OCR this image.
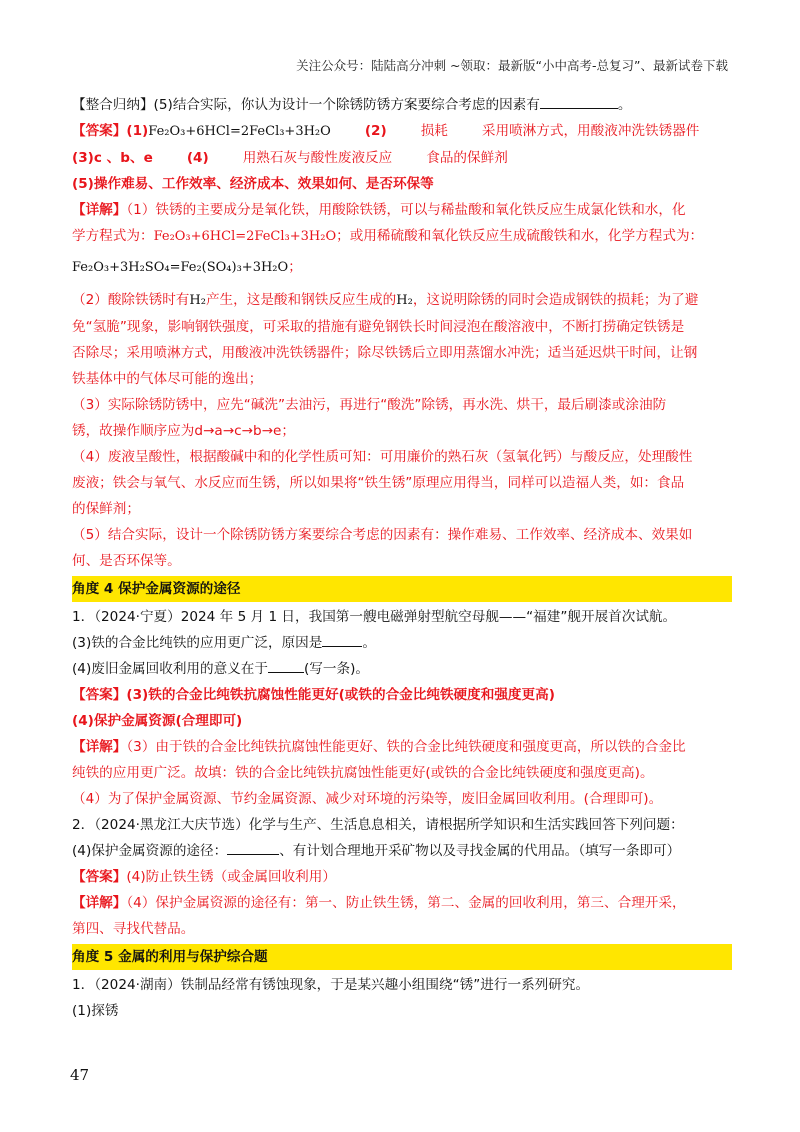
关注公众号：陆陆高分冲刺 ~领取：最新版“小中高考-总复习”、最新试卷下载
【整合归纳】(5)结合实际，你认为设计一个除锈防锈方案要综合考虑的因素有	。
【答案】(1)Fe₂O₃+6HCl=2FeCl₃+3H₂O	(2)	损耗	采用喷淋方式，用酸液冲洗铁锈器件
(3)c 、b、e	(4)	用熟石灰与酸性废液反应	食品的保鲜剂
(5)操作难易、工作效率、经济成本、效果如何、是否环保等
【详解】（1）铁锈的主要成分是氧化铁，用酸除铁锈，可以与稀盐酸和氧化铁反应生成氯化铁和水，化
学方程式为：Fe₂O₃+6HCl=2FeCl₃+3H₂O；或用稀硫酸和氧化铁反应生成硫酸铁和水，化学方程式为：
Fe₂O₃+3H₂SO₄=Fe₂(SO₄)₃+3H₂O；
（2）酸除铁锈时有H₂产生，这是酸和钢铁反应生成的H₂，这说明除锈的同时会造成钢铁的损耗；为了避
免“氢脆”现象，影响钢铁强度，可采取的措施有避免钢铁长时间浸泡在酸溶液中，不断打捞确定铁锈是
否除尽；采用喷淋方式，用酸液冲洗铁锈器件；除尽铁锈后立即用蒸馏水冲洗；适当延迟烘干时间，让钢
铁基体中的气体尽可能的逸出；
（3）实际除锈防锈中，应先“碱洗”去油污，再进行“酸洗”除锈，再水洗、烘干，最后刷漆或涂油防
锈，故操作顺序应为d→a→c→b→e；
（4）废液呈酸性，根据酸碱中和的化学性质可知：可用廉价的熟石灰（氢氧化钙）与酸反应，处理酸性
废液；铁会与氧气、水反应而生锈，所以如果将“铁生锈”原理应用得当，同样可以造福人类，如：食品
的保鲜剂；
（5）结合实际，设计一个除锈防锈方案要综合考虑的因素有：操作难易、工作效率、经济成本、效果如
何、是否环保等。
角度 4 保护金属资源的途径
1．（2024·宁夏）2024 年 5 月 1 日，我国第一艘电磁弹射型航空母舰——“福建”舰开展首次试航。
(3)铁的合金比纯铁的应用更广泛，原因是	。
(4)废旧金属回收利用的意义在于	(写一条)。
【答案】(3)铁的合金比纯铁抗腐蚀性能更好(或铁的合金比纯铁硬度和强度更高)
(4)保护金属资源(合理即可)
【详解】（3）由于铁的合金比纯铁抗腐蚀性能更好、铁的合金比纯铁硬度和强度更高，所以铁的合金比
纯铁的应用更广泛。故填：铁的合金比纯铁抗腐蚀性能更好(或铁的合金比纯铁硬度和强度更高)。
（4）为了保护金属资源、节约金属资源、减少对环境的污染等，废旧金属回收利用。(合理即可)。
2．（2024·黑龙江大庆节选）化学与生产、生活息息相关，请根据所学知识和生活实践回答下列问题：
(4)保护金属资源的途径：	、有计划合理地开采矿物以及寻找金属的代用品。（填写一条即可）
【答案】(4)防止铁生锈（或金属回收利用）
【详解】（4）保护金属资源的途径有：第一、防止铁生锈，第二、金属的回收利用，第三、合理开采，
第四、寻找代替品。
角度 5 金属的利用与保护综合题
1．（2024·湖南）铁制品经常有锈蚀现象，于是某兴趣小组围绕“锈”进行一系列研究。
(1)探锈
47
